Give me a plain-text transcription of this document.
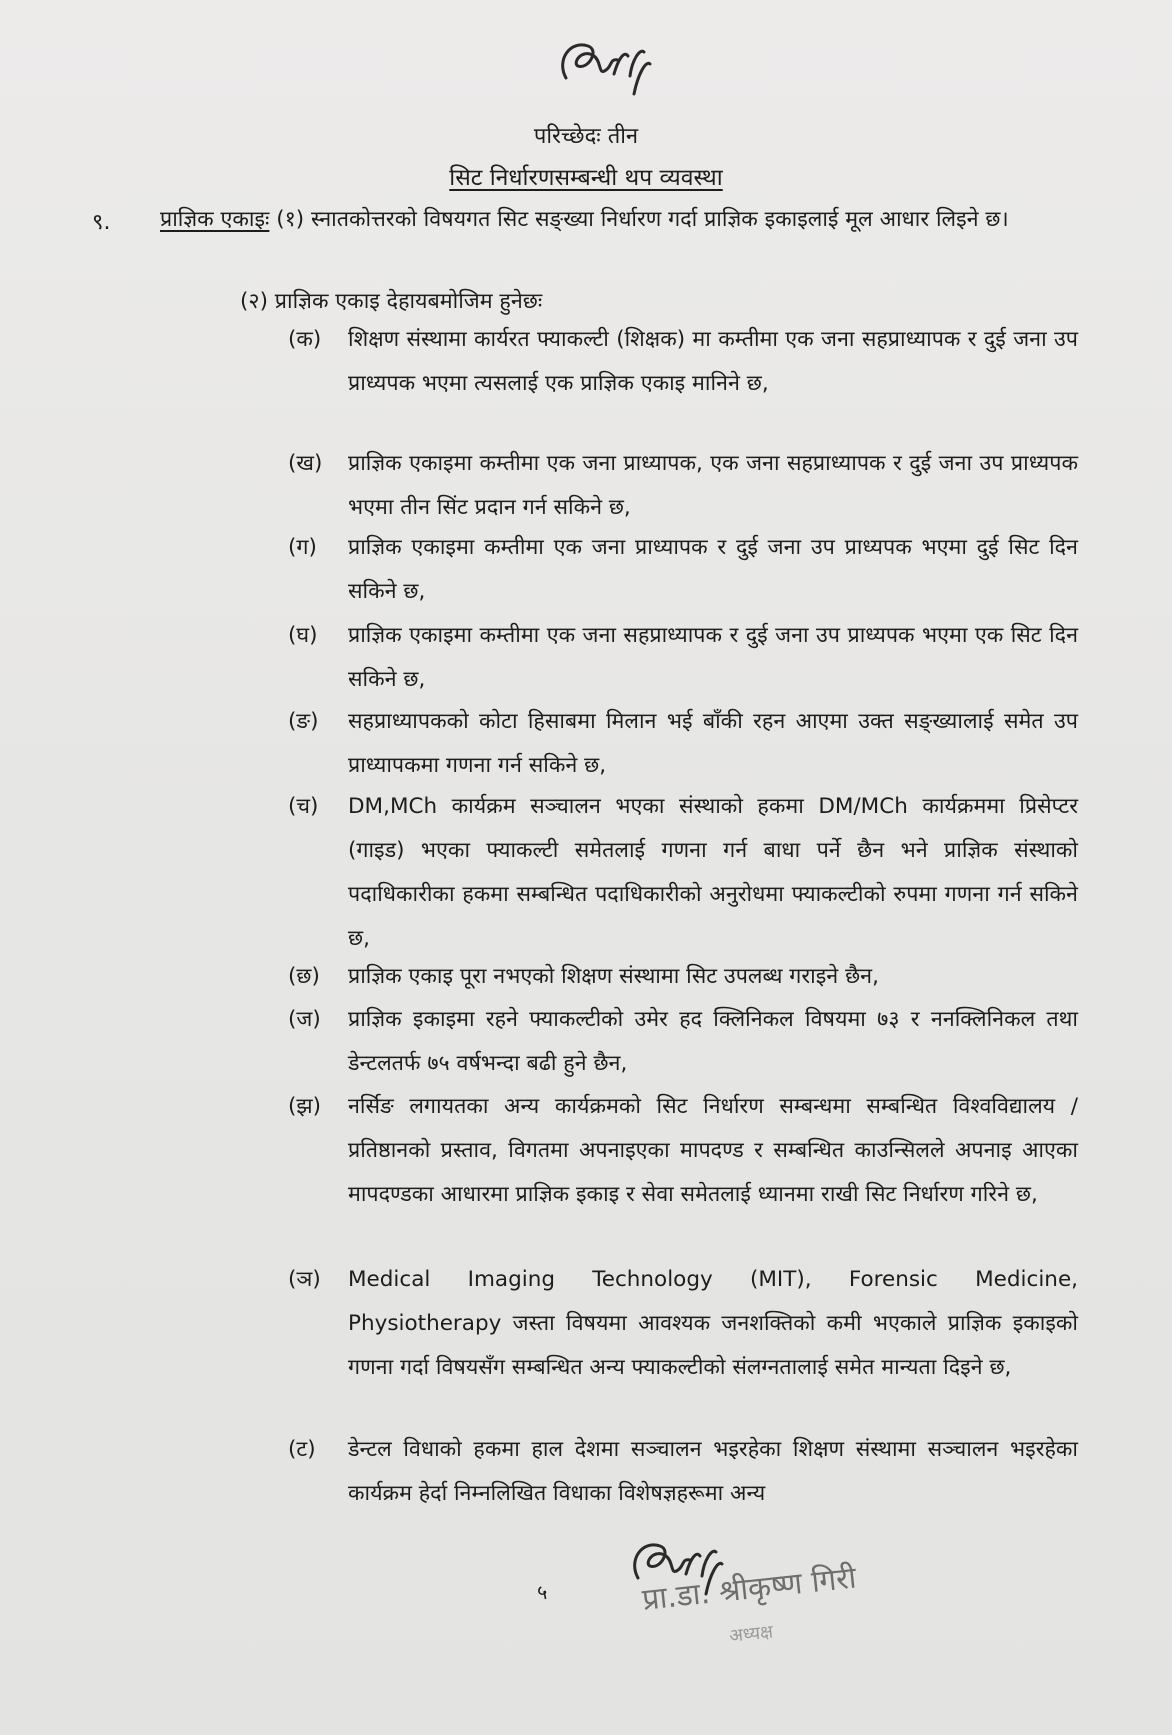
परिच्छेदः तीन
सिट निर्धारणसम्बन्धी थप व्यवस्था
९. प्राज्ञिक एकाइः (१) स्नातकोत्तरको विषयगत सिट सङ्ख्या निर्धारण गर्दा प्राज्ञिक इकाइलाई मूल आधार लिइने छ।
(२) प्राज्ञिक एकाइ देहायबमोजिम हुनेछः
(क)	शिक्षण संस्थामा कार्यरत फ्याकल्टी (शिक्षक) मा कम्तीमा एक जना सहप्राध्यापक र दुई जना उप प्राध्यपक भएमा त्यसलाई एक प्राज्ञिक एकाइ मानिने छ,
(ख)	प्राज्ञिक एकाइमा कम्तीमा एक जना प्राध्यापक, एक जना सहप्राध्यापक र दुई जना उप प्राध्यपक भएमा तीन सिंट प्रदान गर्न सकिने छ,
(ग)	प्राज्ञिक एकाइमा कम्तीमा एक जना प्राध्यापक र दुई जना उप प्राध्यपक भएमा दुई सिट दिन सकिने छ,
(घ)	प्राज्ञिक एकाइमा कम्तीमा एक जना सहप्राध्यापक र दुई जना उप प्राध्यपक भएमा एक सिट दिन सकिने छ,
(ङ)	सहप्राध्यापकको कोटा हिसाबमा मिलान भई बाँकी रहन आएमा उक्त सङ्ख्यालाई समेत उप प्राध्यापकमा गणना गर्न सकिने छ,
(च)	DM,MCh कार्यक्रम सञ्चालन भएका संस्थाको हकमा DM/MCh कार्यक्रममा प्रिसेप्टर (गाइड) भएका फ्याकल्टी समेतलाई गणना गर्न बाधा पर्ने छैन भने प्राज्ञिक संस्थाको पदाधिकारीका हकमा सम्बन्धित पदाधिकारीको अनुरोधमा फ्याकल्टीको रुपमा गणना गर्न सकिने छ,
(छ)	प्राज्ञिक एकाइ पूरा नभएको शिक्षण संस्थामा सिट उपलब्ध गराइने छैन,
(ज)	प्राज्ञिक इकाइमा रहने फ्याकल्टीको उमेर हद क्लिनिकल विषयमा ७३ र ननक्लिनिकल तथा डेन्टलतर्फ ७५ वर्षभन्दा बढी हुने छैन,
(झ)	नर्सिङ लगायतका अन्य कार्यक्रमको सिट निर्धारण सम्बन्धमा सम्बन्धित विश्वविद्यालय /प्रतिष्ठानको प्रस्ताव, विगतमा अपनाइएका मापदण्ड र सम्बन्धित काउन्सिलले अपनाइ आएका मापदण्डका आधारमा प्राज्ञिक इकाइ र सेवा समेतलाई ध्यानमा राखी सिट निर्धारण गरिने छ,
(ञ)	Medical Imaging Technology (MIT), Forensic Medicine, Physiotherapy जस्ता विषयमा आवश्यक जनशक्तिको कमी भएकाले प्राज्ञिक इकाइको गणना गर्दा विषयसँग सम्बन्धित अन्य फ्याकल्टीको संलग्नतालाई समेत मान्यता दिइने छ,
(ट)	डेन्टल विधाको हकमा हाल देशमा सञ्चालन भइरहेका शिक्षण संस्थामा सञ्चालन भइरहेका कार्यक्रम हेर्दा निम्नलिखित विधाका विशेषज्ञहरूमा अन्य
५	प्रा.डा. श्रीकृष्ण गिरी
अध्यक्ष
